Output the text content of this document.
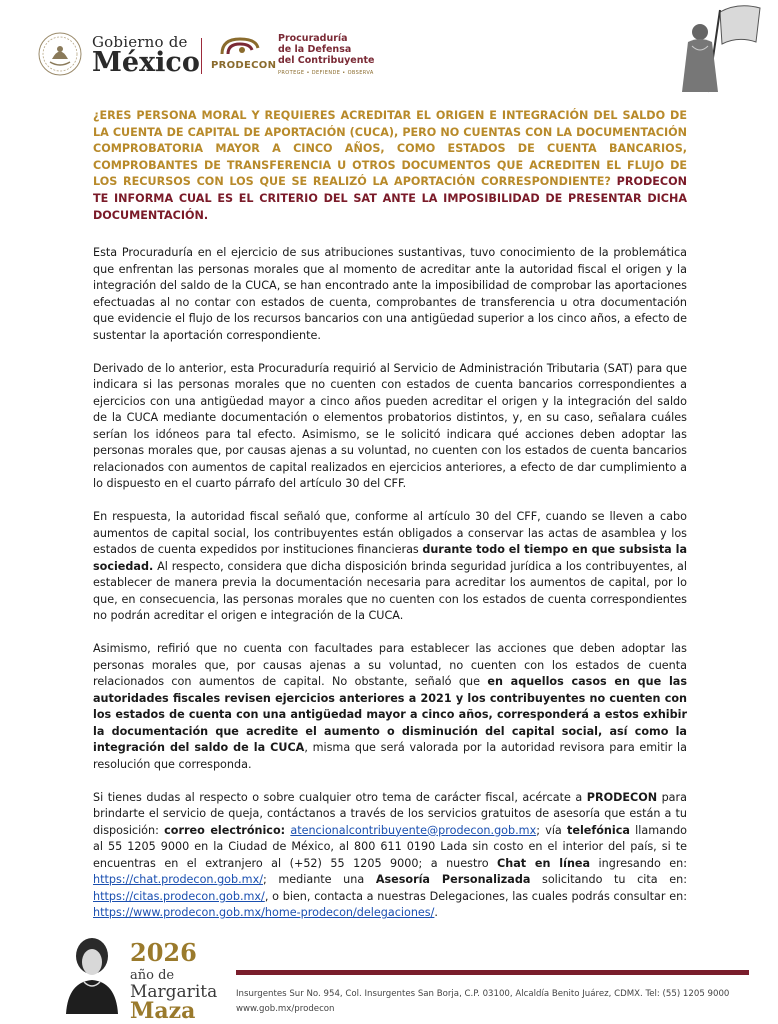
Gobierno de
México PRODECON
Procuraduría
de la Defensa
del Contribuyente
PROTEGE • DEFIENDE • OBSERVA

¿ERES PERSONA MORAL Y REQUIERES ACREDITAR EL ORIGEN E INTEGRACIÓN DEL SALDO DE LA CUENTA DE CAPITAL DE APORTACIÓN (CUCA), PERO NO CUENTAS CON LA DOCUMENTACIÓN COMPROBATORIA MAYOR A CINCO AÑOS, COMO ESTADOS DE CUENTA BANCARIOS, COMPROBANTES DE TRANSFERENCIA U OTROS DOCUMENTOS QUE ACREDITEN EL FLUJO DE LOS RECURSOS CON LOS QUE SE REALIZÓ LA APORTACIÓN CORRESPONDIENTE? PRODECON TE INFORMA CUAL ES EL CRITERIO DEL SAT ANTE LA IMPOSIBILIDAD DE PRESENTAR DICHA DOCUMENTACIÓN.

Esta Procuraduría en el ejercicio de sus atribuciones sustantivas, tuvo conocimiento de la problemática que enfrentan las personas morales que al momento de acreditar ante la autoridad fiscal el origen y la integración del saldo de la CUCA, se han encontrado ante la imposibilidad de comprobar las aportaciones efectuadas al no contar con estados de cuenta, comprobantes de transferencia u otra documentación que evidencie el flujo de los recursos bancarios con una antigüedad superior a los cinco años, a efecto de sustentar la aportación correspondiente.

Derivado de lo anterior, esta Procuraduría requirió al Servicio de Administración Tributaria (SAT) para que indicara si las personas morales que no cuenten con estados de cuenta bancarios correspondientes a ejercicios con una antigüedad mayor a cinco años pueden acreditar el origen y la integración del saldo de la CUCA mediante documentación o elementos probatorios distintos, y, en su caso, señalara cuáles serían los idóneos para tal efecto. Asimismo, se le solicitó indicara qué acciones deben adoptar las personas morales que, por causas ajenas a su voluntad, no cuenten con los estados de cuenta bancarios relacionados con aumentos de capital realizados en ejercicios anteriores, a efecto de dar cumplimiento a lo dispuesto en el cuarto párrafo del artículo 30 del CFF.

En respuesta, la autoridad fiscal señaló que, conforme al artículo 30 del CFF, cuando se lleven a cabo aumentos de capital social, los contribuyentes están obligados a conservar las actas de asamblea y los estados de cuenta expedidos por instituciones financieras durante todo el tiempo en que subsista la sociedad. Al respecto, considera que dicha disposición brinda seguridad jurídica a los contribuyentes, al establecer de manera previa la documentación necesaria para acreditar los aumentos de capital, por lo que, en consecuencia, las personas morales que no cuenten con los estados de cuenta correspondientes no podrán acreditar el origen e integración de la CUCA.

Asimismo, refirió que no cuenta con facultades para establecer las acciones que deben adoptar las personas morales que, por causas ajenas a su voluntad, no cuenten con los estados de cuenta relacionados con aumentos de capital. No obstante, señaló que en aquellos casos en que las autoridades fiscales revisen ejercicios anteriores a 2021 y los contribuyentes no cuenten con los estados de cuenta con una antigüedad mayor a cinco años, corresponderá a estos exhibir la documentación que acredite el aumento o disminución del capital social, así como la integración del saldo de la CUCA, misma que será valorada por la autoridad revisora para emitir la resolución que corresponda.

Si tienes dudas al respecto o sobre cualquier otro tema de carácter fiscal, acércate a PRODECON para brindarte el servicio de queja, contáctanos a través de los servicios gratuitos de asesoría que están a tu disposición: correo electrónico: atencionalcontribuyente@prodecon.gob.mx; vía telefónica llamando al 55 1205 9000 en la Ciudad de México, al 800 611 0190 Lada sin costo en el interior del país, si te encuentras en el extranjero al (+52) 55 1205 9000; a nuestro Chat en línea ingresando en: https://chat.prodecon.gob.mx/; mediante una Asesoría Personalizada solicitando tu cita en: https://citas.prodecon.gob.mx/, o bien, contacta a nuestras Delegaciones, las cuales podrás consultar en: https://www.prodecon.gob.mx/home-prodecon/delegaciones/.

2026
año de
Margarita
Maza
Insurgentes Sur No. 954, Col. Insurgentes San Borja, C.P. 03100, Alcaldía Benito Juárez, CDMX. Tel: (55) 1205 9000
www.gob.mx/prodecon
